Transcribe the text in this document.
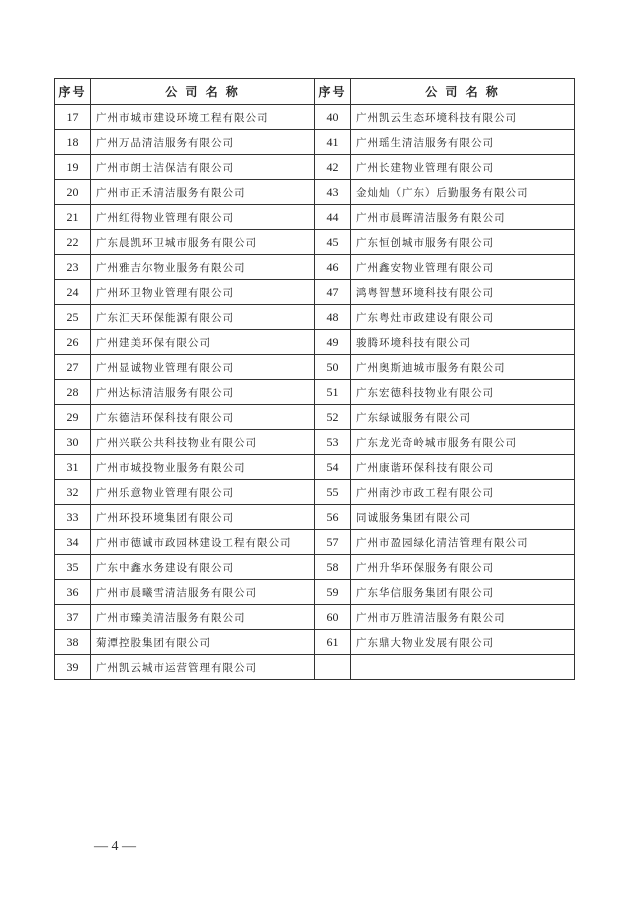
序号	公 司 名 称	序号	公 司 名 称
17	广州市城市建设环境工程有限公司	40	广州凯云生态环境科技有限公司
18	广州万品清洁服务有限公司	41	广州瑶生清洁服务有限公司
19	广州市朗士洁保洁有限公司	42	广州长建物业管理有限公司
20	广州市正禾清洁服务有限公司	43	金灿灿（广东）后勤服务有限公司
21	广州红得物业管理有限公司	44	广州市晨晖清洁服务有限公司
22	广东晨凯环卫城市服务有限公司	45	广东恒创城市服务有限公司
23	广州雅吉尔物业服务有限公司	46	广州鑫安物业管理有限公司
24	广州环卫物业管理有限公司	47	鸿粤智慧环境科技有限公司
25	广东汇天环保能源有限公司	48	广东粤灶市政建设有限公司
26	广州建美环保有限公司	49	骏腾环境科技有限公司
27	广州显诚物业管理有限公司	50	广州奥斯迪城市服务有限公司
28	广州达标清洁服务有限公司	51	广东宏德科技物业有限公司
29	广东德洁环保科技有限公司	52	广东绿诚服务有限公司
30	广州兴联公共科技物业有限公司	53	广东龙光奇岭城市服务有限公司
31	广州市城投物业服务有限公司	54	广州康谐环保科技有限公司
32	广州乐意物业管理有限公司	55	广州南沙市政工程有限公司
33	广州环投环境集团有限公司	56	同诚服务集团有限公司
34	广州市德诚市政园林建设工程有限公司	57	广州市盈园绿化清洁管理有限公司
35	广东中鑫水务建设有限公司	58	广州升华环保服务有限公司
36	广州市晨曦雪清洁服务有限公司	59	广东华信服务集团有限公司
37	广州市臻美清洁服务有限公司	60	广州市万胜清洁服务有限公司
38	菊潭控股集团有限公司	61	广东鼎大物业发展有限公司
39	广州凯云城市运营管理有限公司		
— 4 —
